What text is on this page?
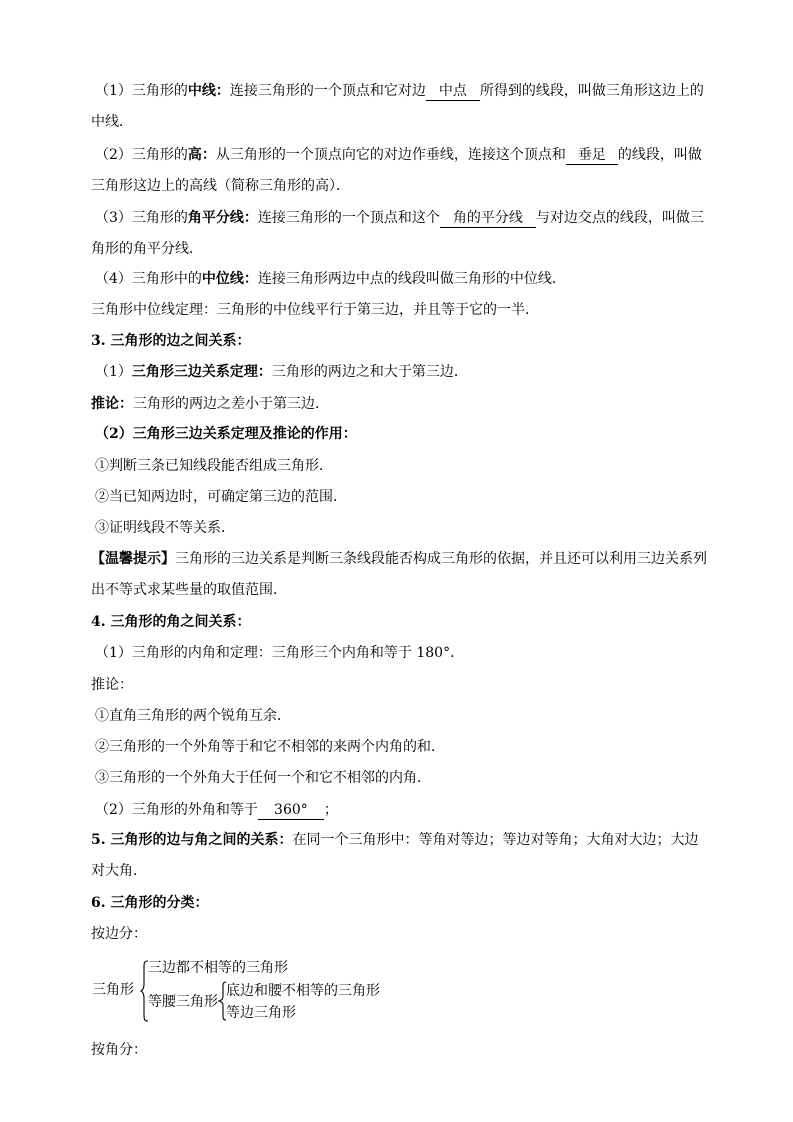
（1）三角形的中线：连接三角形的一个顶点和它对边 中点 所得到的线段，叫做三角形这边上的
中线．
（2）三角形的高：从三角形的一个顶点向它的对边作垂线，连接这个顶点和 垂足 的线段，叫做
三角形这边上的高线（简称三角形的高）．
（3）三角形的角平分线：连接三角形的一个顶点和这个 角的平分线 与对边交点的线段，叫做三
角形的角平分线．
（4）三角形中的中位线：连接三角形两边中点的线段叫做三角形的中位线．
三角形中位线定理：三角形的中位线平行于第三边，并且等于它的一半．
3. 三角形的边之间关系：
（1）三角形三边关系定理：三角形的两边之和大于第三边．
推论：三角形的两边之差小于第三边．
（2）三角形三边关系定理及推论的作用：
①判断三条已知线段能否组成三角形．
②当已知两边时，可确定第三边的范围．
③证明线段不等关系．
【温馨提示】三角形的三边关系是判断三条线段能否构成三角形的依据，并且还可以利用三边关系列
出不等式求某些量的取值范围．
4. 三角形的角之间关系：
（1）三角形的内角和定理：三角形三个内角和等于 180°．
推论：
①直角三角形的两个锐角互余．
②三角形的一个外角等于和它不相邻的来两个内角的和．
③三角形的一个外角大于任何一个和它不相邻的内角．
（2）三角形的外角和等于 360° ；
5. 三角形的边与角之间的关系：在同一个三角形中：等角对等边；等边对等角；大角对大边；大边
对大角．
6. 三角形的分类：
按边分：
三角形
三边都不相等的三角形
等腰三角形
底边和腰不相等的三角形
等边三角形
按角分：
